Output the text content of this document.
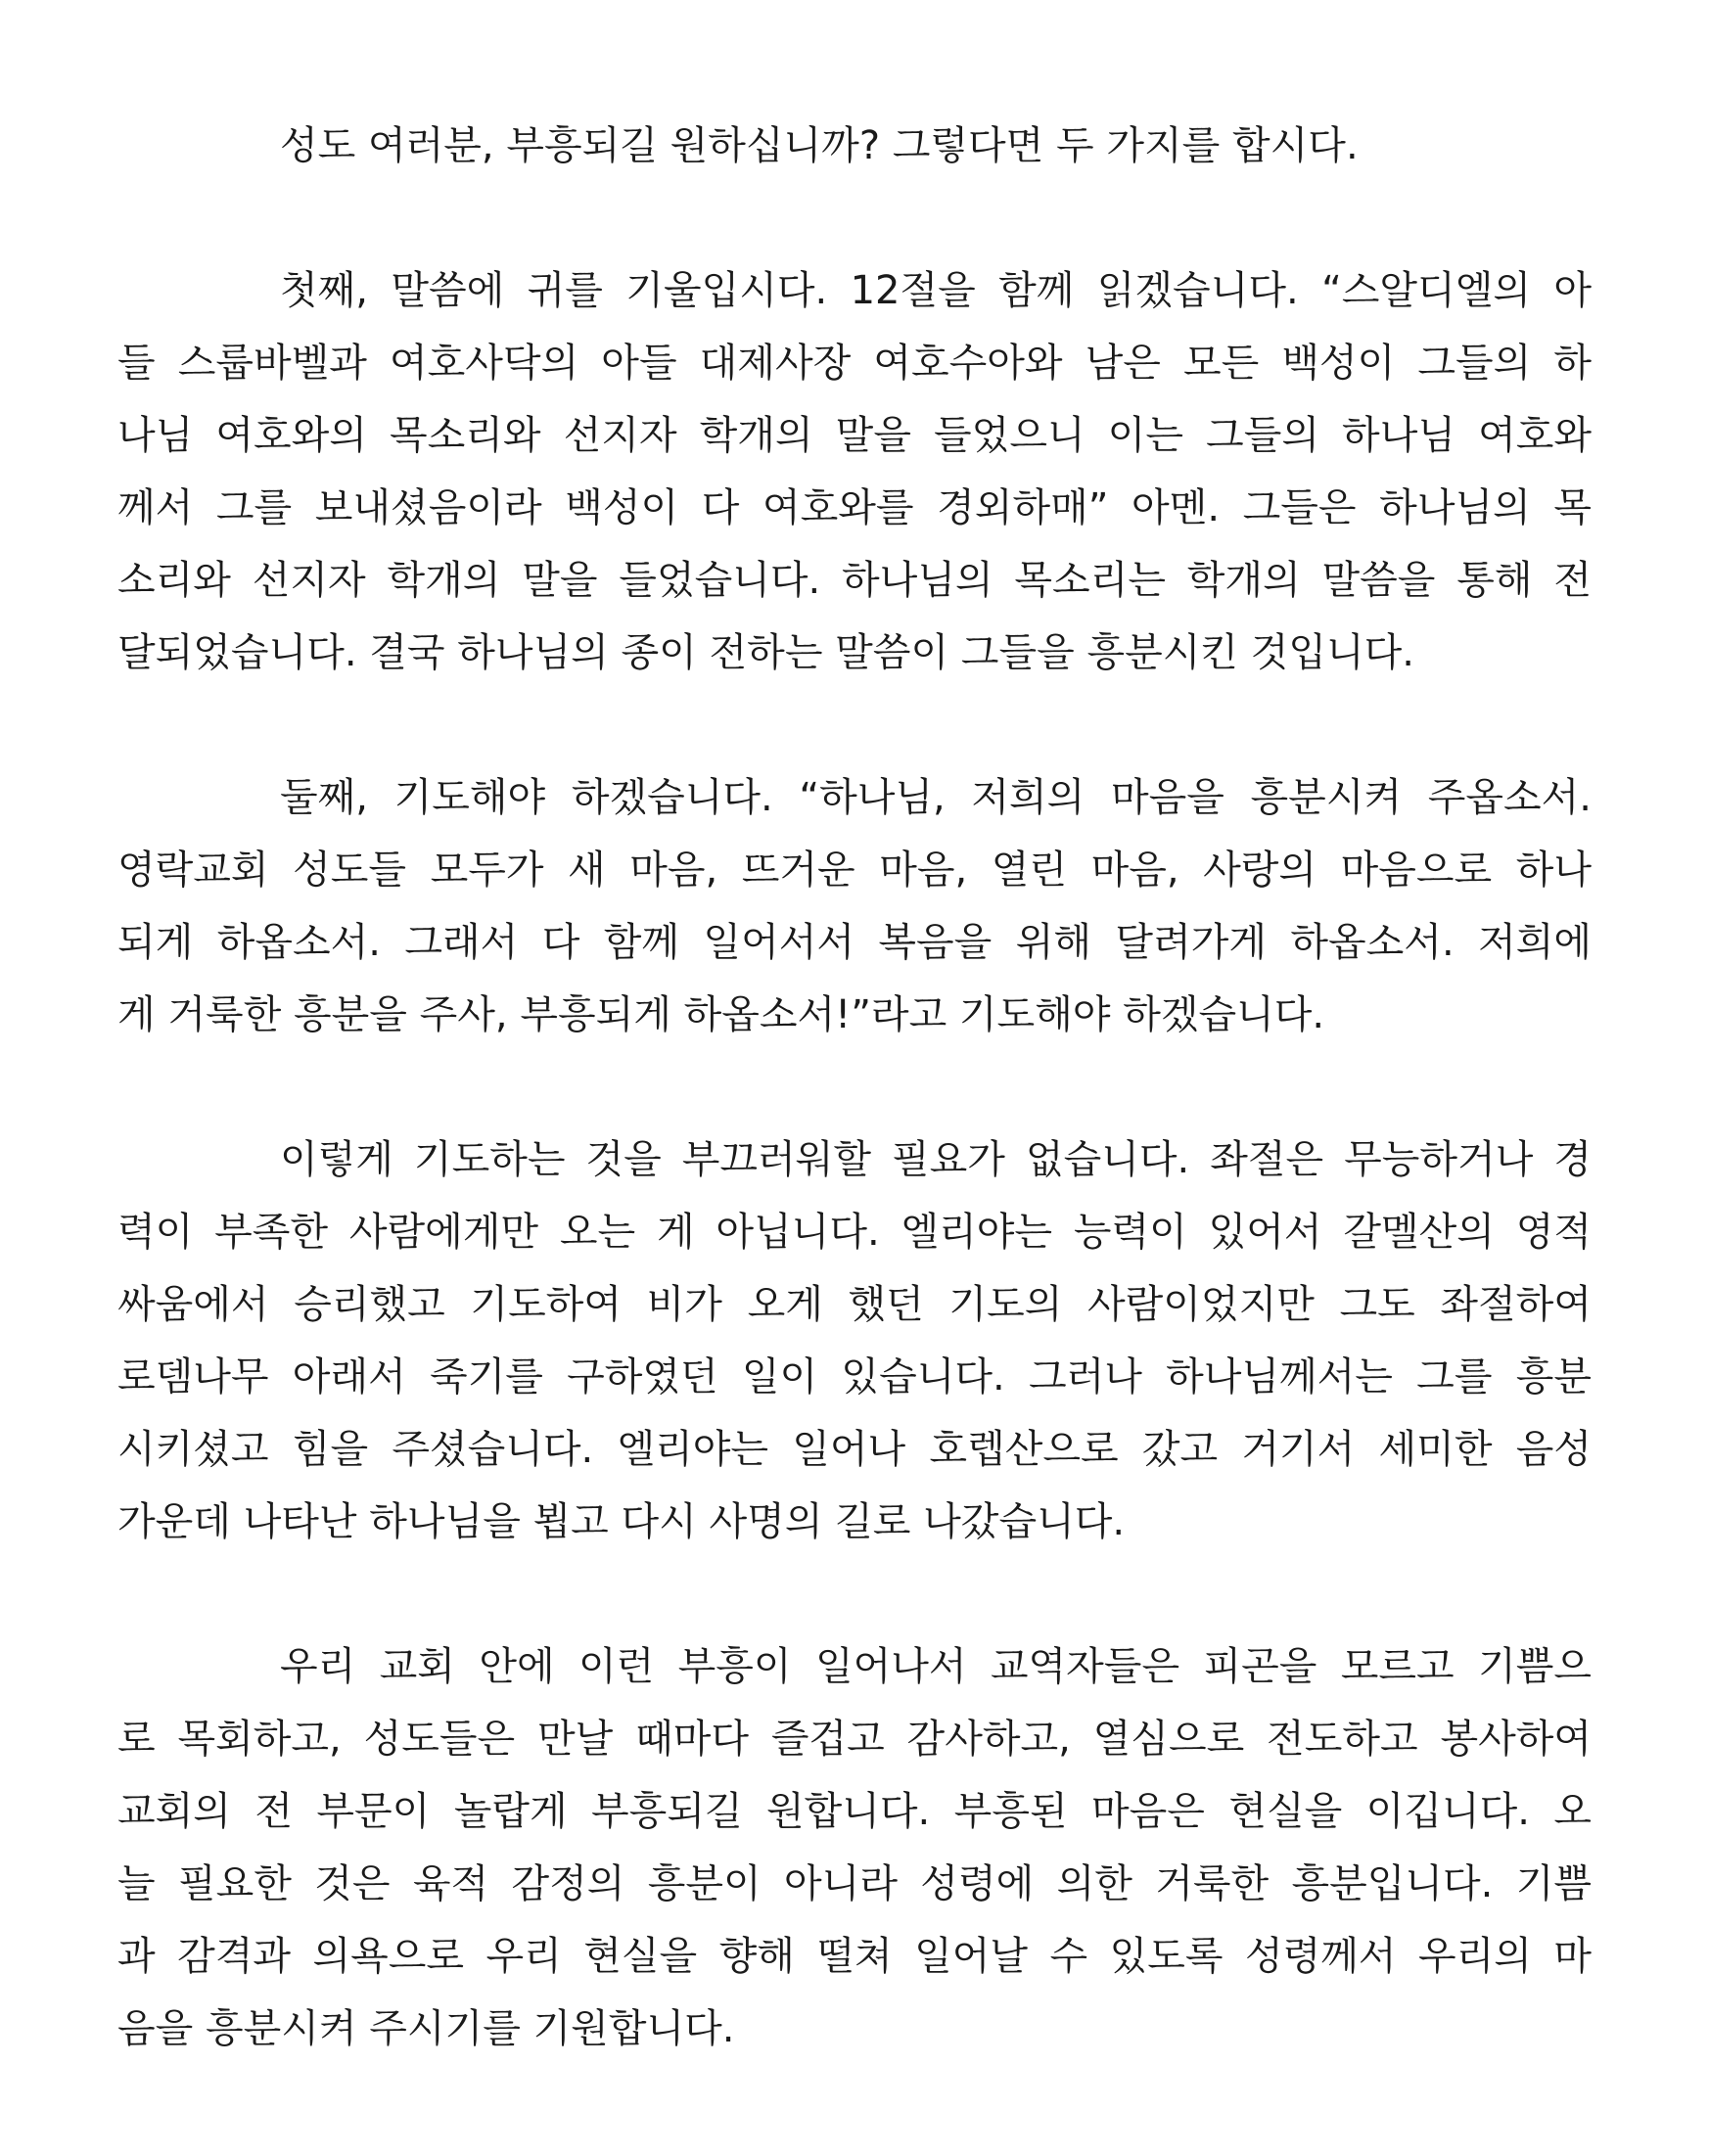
성도 여러분, 부흥되길 원하십니까? 그렇다면 두 가지를 합시다.
첫째, 말씀에 귀를 기울입시다. 12절을 함께 읽겠습니다. “스알디엘의 아
들 스룹바벨과 여호사닥의 아들 대제사장 여호수아와 남은 모든 백성이 그들의 하
나님 여호와의 목소리와 선지자 학개의 말을 들었으니 이는 그들의 하나님 여호와
께서 그를 보내셨음이라 백성이 다 여호와를 경외하매” 아멘. 그들은 하나님의 목
소리와 선지자 학개의 말을 들었습니다. 하나님의 목소리는 학개의 말씀을 통해 전
달되었습니다. 결국 하나님의 종이 전하는 말씀이 그들을 흥분시킨 것입니다.
둘째, 기도해야 하겠습니다. “하나님, 저희의 마음을 흥분시켜 주옵소서.
영락교회 성도들 모두가 새 마음, 뜨거운 마음, 열린 마음, 사랑의 마음으로 하나
되게 하옵소서. 그래서 다 함께 일어서서 복음을 위해 달려가게 하옵소서. 저희에
게 거룩한 흥분을 주사, 부흥되게 하옵소서!”라고 기도해야 하겠습니다.
이렇게 기도하는 것을 부끄러워할 필요가 없습니다. 좌절은 무능하거나 경
력이 부족한 사람에게만 오는 게 아닙니다. 엘리야는 능력이 있어서 갈멜산의 영적
싸움에서 승리했고 기도하여 비가 오게 했던 기도의 사람이었지만 그도 좌절하여
로뎀나무 아래서 죽기를 구하였던 일이 있습니다. 그러나 하나님께서는 그를 흥분
시키셨고 힘을 주셨습니다. 엘리야는 일어나 호렙산으로 갔고 거기서 세미한 음성
가운데 나타난 하나님을 뵙고 다시 사명의 길로 나갔습니다.
우리 교회 안에 이런 부흥이 일어나서 교역자들은 피곤을 모르고 기쁨으
로 목회하고, 성도들은 만날 때마다 즐겁고 감사하고, 열심으로 전도하고 봉사하여
교회의 전 부문이 놀랍게 부흥되길 원합니다. 부흥된 마음은 현실을 이깁니다. 오
늘 필요한 것은 육적 감정의 흥분이 아니라 성령에 의한 거룩한 흥분입니다. 기쁨
과 감격과 의욕으로 우리 현실을 향해 떨쳐 일어날 수 있도록 성령께서 우리의 마
음을 흥분시켜 주시기를 기원합니다.
